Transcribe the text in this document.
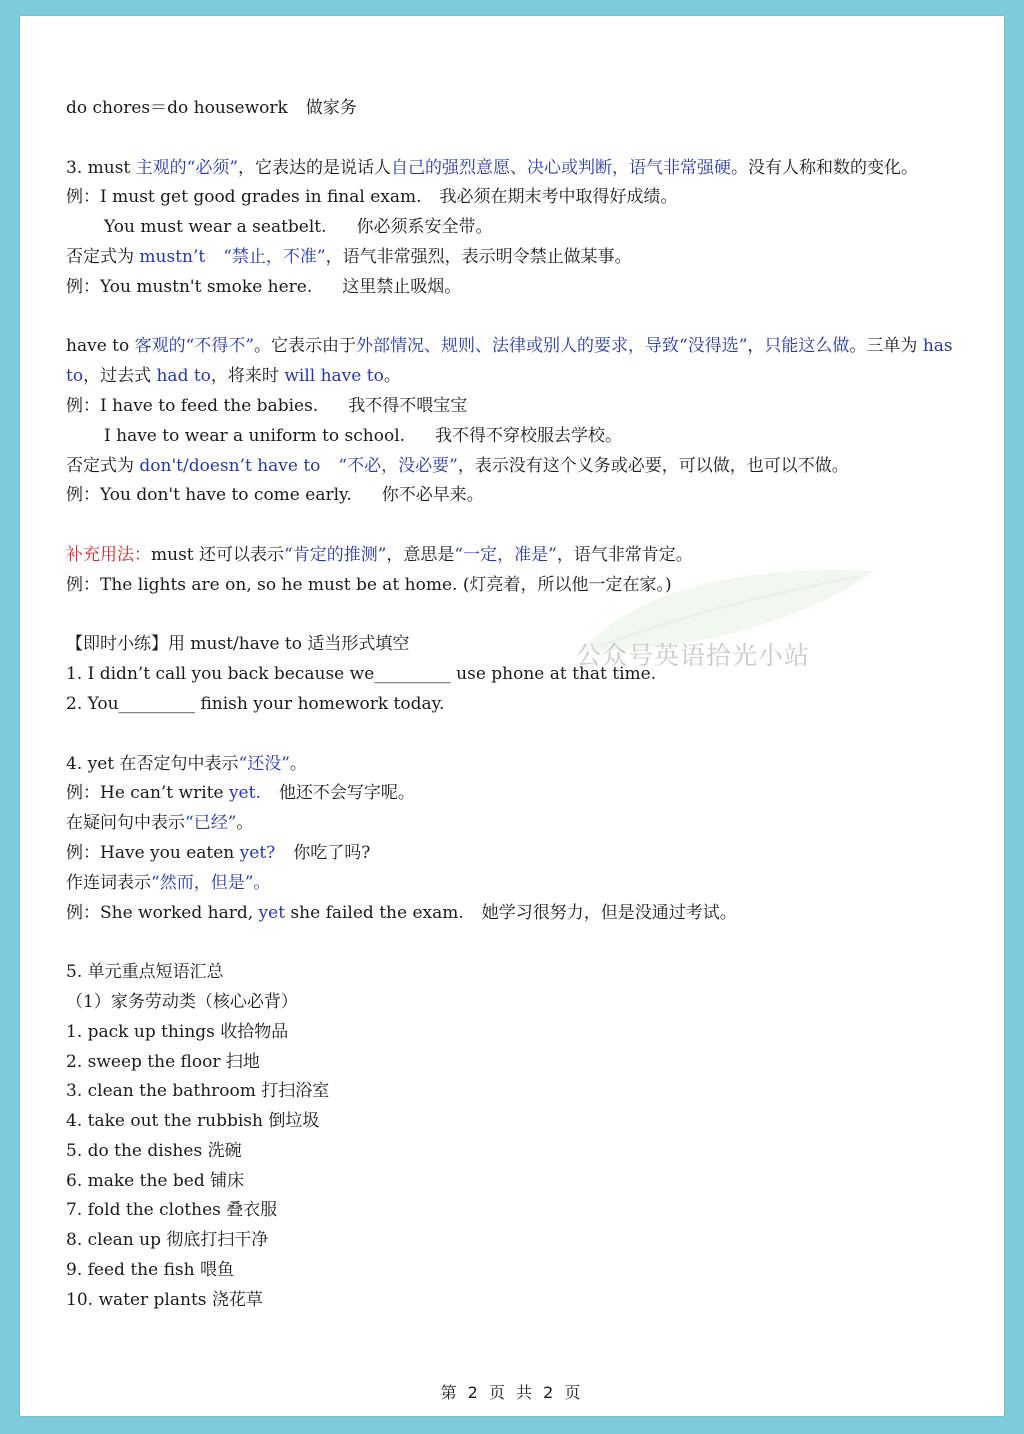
公众号英语拾光小站
do chores＝do housework 做家务
3. must 主观的“必须”，它表达的是说话人自己的强烈意愿、决心或判断，语气非常强硬。没有人称和数的变化。
例：I must get good grades in final exam. 我必须在期末考中取得好成绩。
You must wear a seatbelt. 你必须系安全带。
否定式为 mustn’t “禁止，不准”，语气非常强烈，表示明令禁止做某事。
例：You mustn't smoke here. 这里禁止吸烟。
have to 客观的“不得不”。它表示由于外部情况、规则、法律或别人的要求，导致“没得选”，只能这么做。三单为 has to，过去式 had to，将来时 will have to。
例：I have to feed the babies. 我不得不喂宝宝
I have to wear a uniform to school. 我不得不穿校服去学校。
否定式为 don't/doesn’t have to “不必，没必要”，表示没有这个义务或必要，可以做，也可以不做。
例：You don't have to come early. 你不必早来。
补充用法：must 还可以表示“肯定的推测”，意思是“一定，准是”，语气非常肯定。
例：The lights are on, so he must be at home. (灯亮着，所以他一定在家。)
【即时小练】用 must/have to 适当形式填空
1. I didn’t call you back because we_________ use phone at that time.
2. You_________ finish your homework today.
4. yet 在否定句中表示“还没”。
例：He can’t write yet. 他还不会写字呢。
在疑问句中表示“已经”。
例：Have you eaten yet? 你吃了吗?
作连词表示“然而，但是”。
例：She worked hard, yet she failed the exam. 她学习很努力，但是没通过考试。
5. 单元重点短语汇总
（1）家务劳动类（核心必背）
1. pack up things 收拾物品
2. sweep the floor 扫地
3. clean the bathroom 打扫浴室
4. take out the rubbish 倒垃圾
5. do the dishes 洗碗
6. make the bed 铺床
7. fold the clothes 叠衣服
8. clean up 彻底打扫干净
9. feed the fish 喂鱼
10. water plants 浇花草
第 2 页 共 2 页
